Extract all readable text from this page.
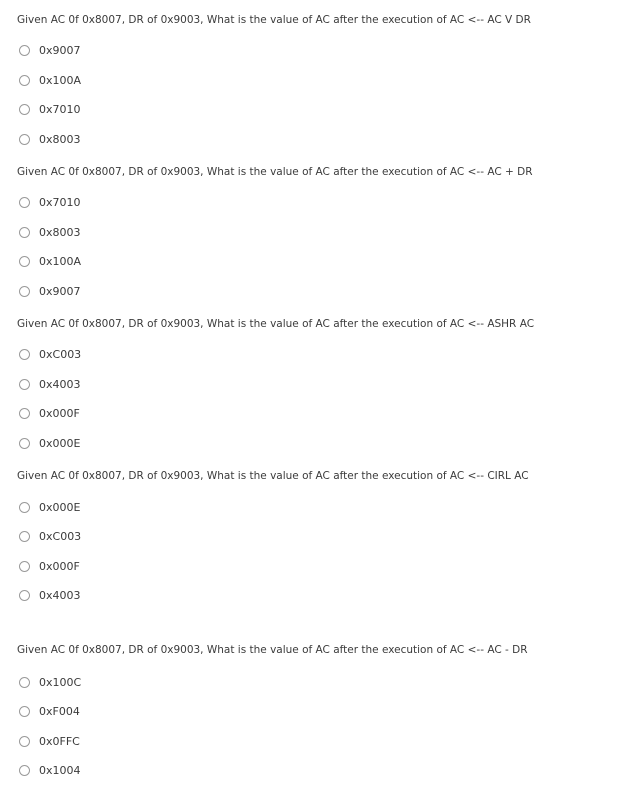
Given AC 0f 0x8007, DR of 0x9003, What is the value of AC after the execution of AC <-- AC V DR
0x9007
0x100A
0x7010
0x8003
Given AC 0f 0x8007, DR of 0x9003, What is the value of AC after the execution of AC <-- AC + DR
0x7010
0x8003
0x100A
0x9007
Given AC 0f 0x8007, DR of 0x9003, What is the value of AC after the execution of AC <-- ASHR AC
0xC003
0x4003
0x000F
0x000E
Given AC 0f 0x8007, DR of 0x9003, What is the value of AC after the execution of AC <-- CIRL AC
0x000E
0xC003
0x000F
0x4003
Given AC 0f 0x8007, DR of 0x9003, What is the value of AC after the execution of AC <-- AC - DR
0x100C
0xF004
0x0FFC
0x1004
